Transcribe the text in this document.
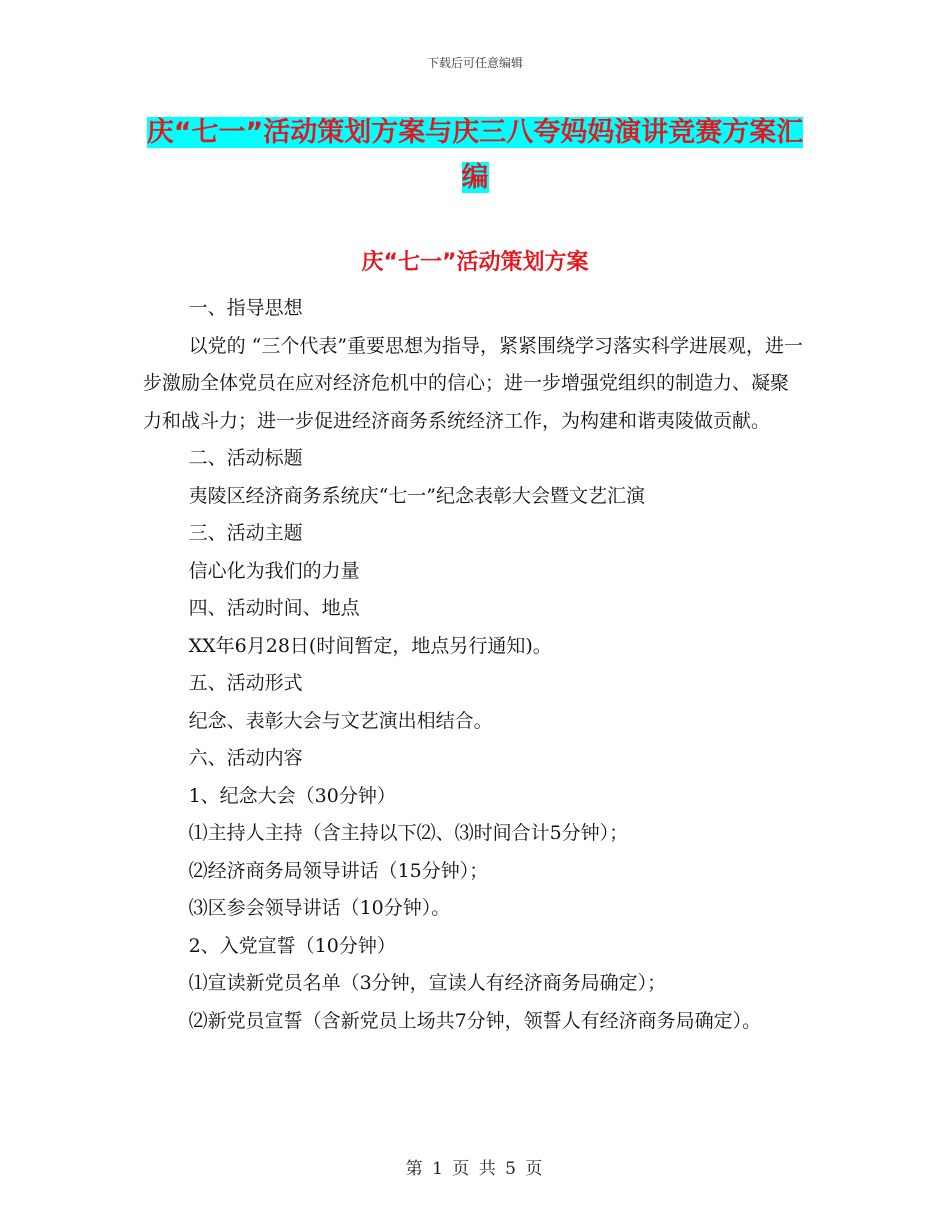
下载后可任意编辑
庆“七一”活动策划方案与庆三八夸妈妈演讲竞赛方案汇编
庆“七一”活动策划方案

一、指导思想

以党的 “三个代表”重要思想为指导，紧紧围绕学习落实科学进展观，进一步激励全体党员在应对经济危机中的信心；进一步增强党组织的制造力、凝聚力和战斗力；进一步促进经济商务系统经济工作，为构建和谐夷陵做贡献。

二、活动标题

夷陵区经济商务系统庆“七一”纪念表彰大会暨文艺汇演

三、活动主题

信心化为我们的力量

四、活动时间、地点

XX年6月28日(时间暂定，地点另行通知)。

五、活动形式

纪念、表彰大会与文艺演出相结合。

六、活动内容

1、纪念大会（30分钟）

⑴主持人主持（含主持以下⑵、⑶时间合计5分钟）；

⑵经济商务局领导讲话（15分钟）；

⑶区参会领导讲话（10分钟）。

2、入党宣誓（10分钟）

⑴宣读新党员名单（3分钟，宣读人有经济商务局确定）；

⑵新党员宣誓（含新党员上场共7分钟，领誓人有经济商务局确定）。

第 1 页 共 5 页
